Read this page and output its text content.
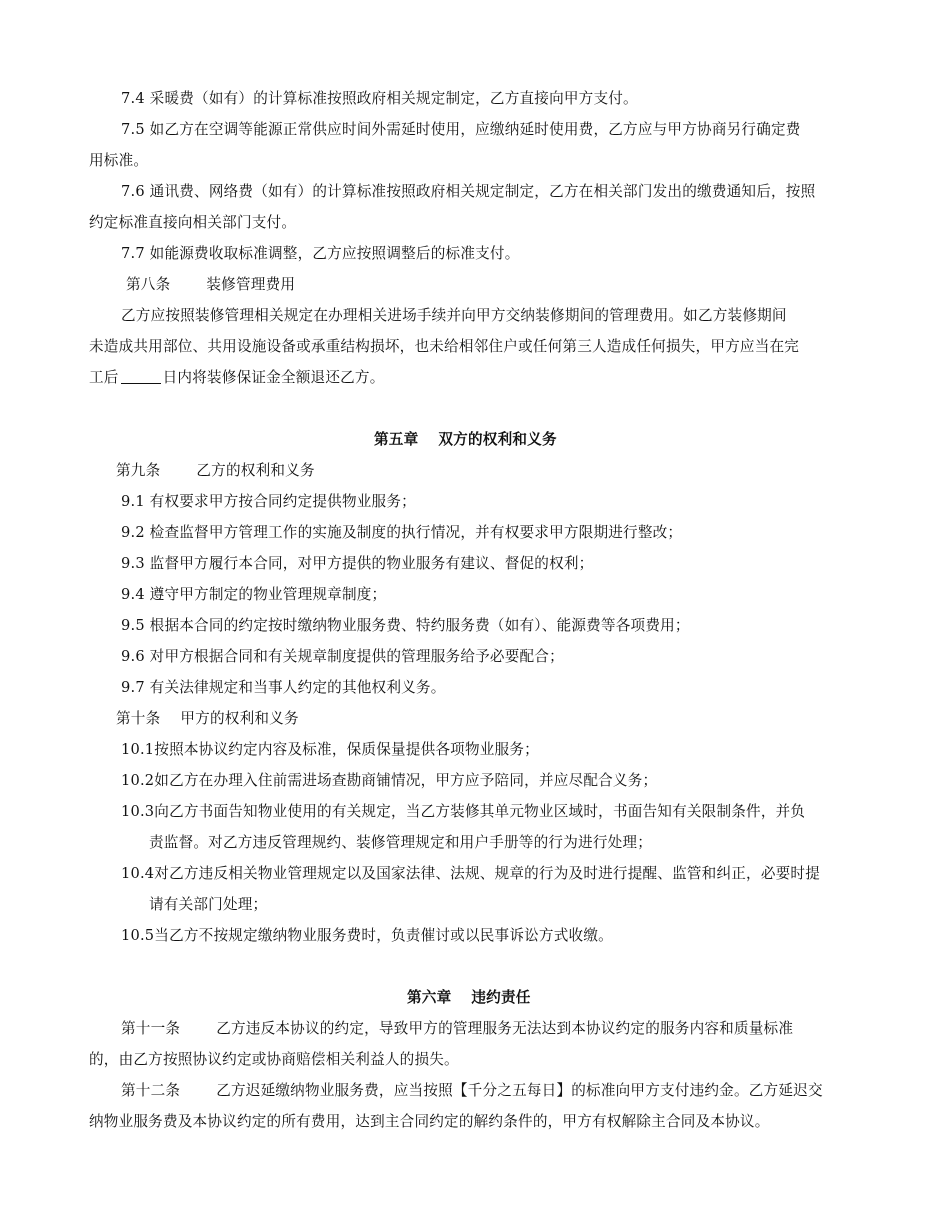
7.4 采暖费（如有）的计算标准按照政府相关规定制定，乙方直接向甲方支付。
7.5 如乙方在空调等能源正常供应时间外需延时使用，应缴纳延时使用费，乙方应与甲方协商另行确定费
用标准。
7.6 通讯费、网络费（如有）的计算标准按照政府相关规定制定，乙方在相关部门发出的缴费通知后，按照
约定标准直接向相关部门支付。
7.7 如能源费收取标准调整，乙方应按照调整后的标准支付。
第八条 装修管理费用
乙方应按照装修管理相关规定在办理相关进场手续并向甲方交纳装修期间的管理费用。如乙方装修期间
未造成共用部位、共用设施设备或承重结构损坏，也未给相邻住户或任何第三人造成任何损失，甲方应当在完
工后	日内将装修保证金全额退还乙方。
第五章 双方的权利和义务
第九条 乙方的权利和义务
9.1 有权要求甲方按合同约定提供物业服务；
9.2 检查监督甲方管理工作的实施及制度的执行情况，并有权要求甲方限期进行整改；
9.3 监督甲方履行本合同，对甲方提供的物业服务有建议、督促的权利；
9.4 遵守甲方制定的物业管理规章制度；
9.5 根据本合同的约定按时缴纳物业服务费、特约服务费（如有）、能源费等各项费用；
9.6 对甲方根据合同和有关规章制度提供的管理服务给予必要配合；
9.7 有关法律规定和当事人约定的其他权利义务。
第十条 甲方的权利和义务
10.1按照本协议约定内容及标准，保质保量提供各项物业服务；
10.2如乙方在办理入住前需进场查勘商铺情况，甲方应予陪同，并应尽配合义务；
10.3向乙方书面告知物业使用的有关规定，当乙方装修其单元物业区域时，书面告知有关限制条件，并负
责监督。对乙方违反管理规约、装修管理规定和用户手册等的行为进行处理；
10.4对乙方违反相关物业管理规定以及国家法律、法规、规章的行为及时进行提醒、监管和纠正，必要时提
请有关部门处理；
10.5当乙方不按规定缴纳物业服务费时，负责催讨或以民事诉讼方式收缴。
第六章 违约责任
第十一条 乙方违反本协议的约定，导致甲方的管理服务无法达到本协议约定的服务内容和质量标准
的，由乙方按照协议约定或协商赔偿相关利益人的损失。
第十二条 乙方迟延缴纳物业服务费，应当按照【千分之五每日】的标准向甲方支付违约金。乙方延迟交
纳物业服务费及本协议约定的所有费用，达到主合同约定的解约条件的，甲方有权解除主合同及本协议。
